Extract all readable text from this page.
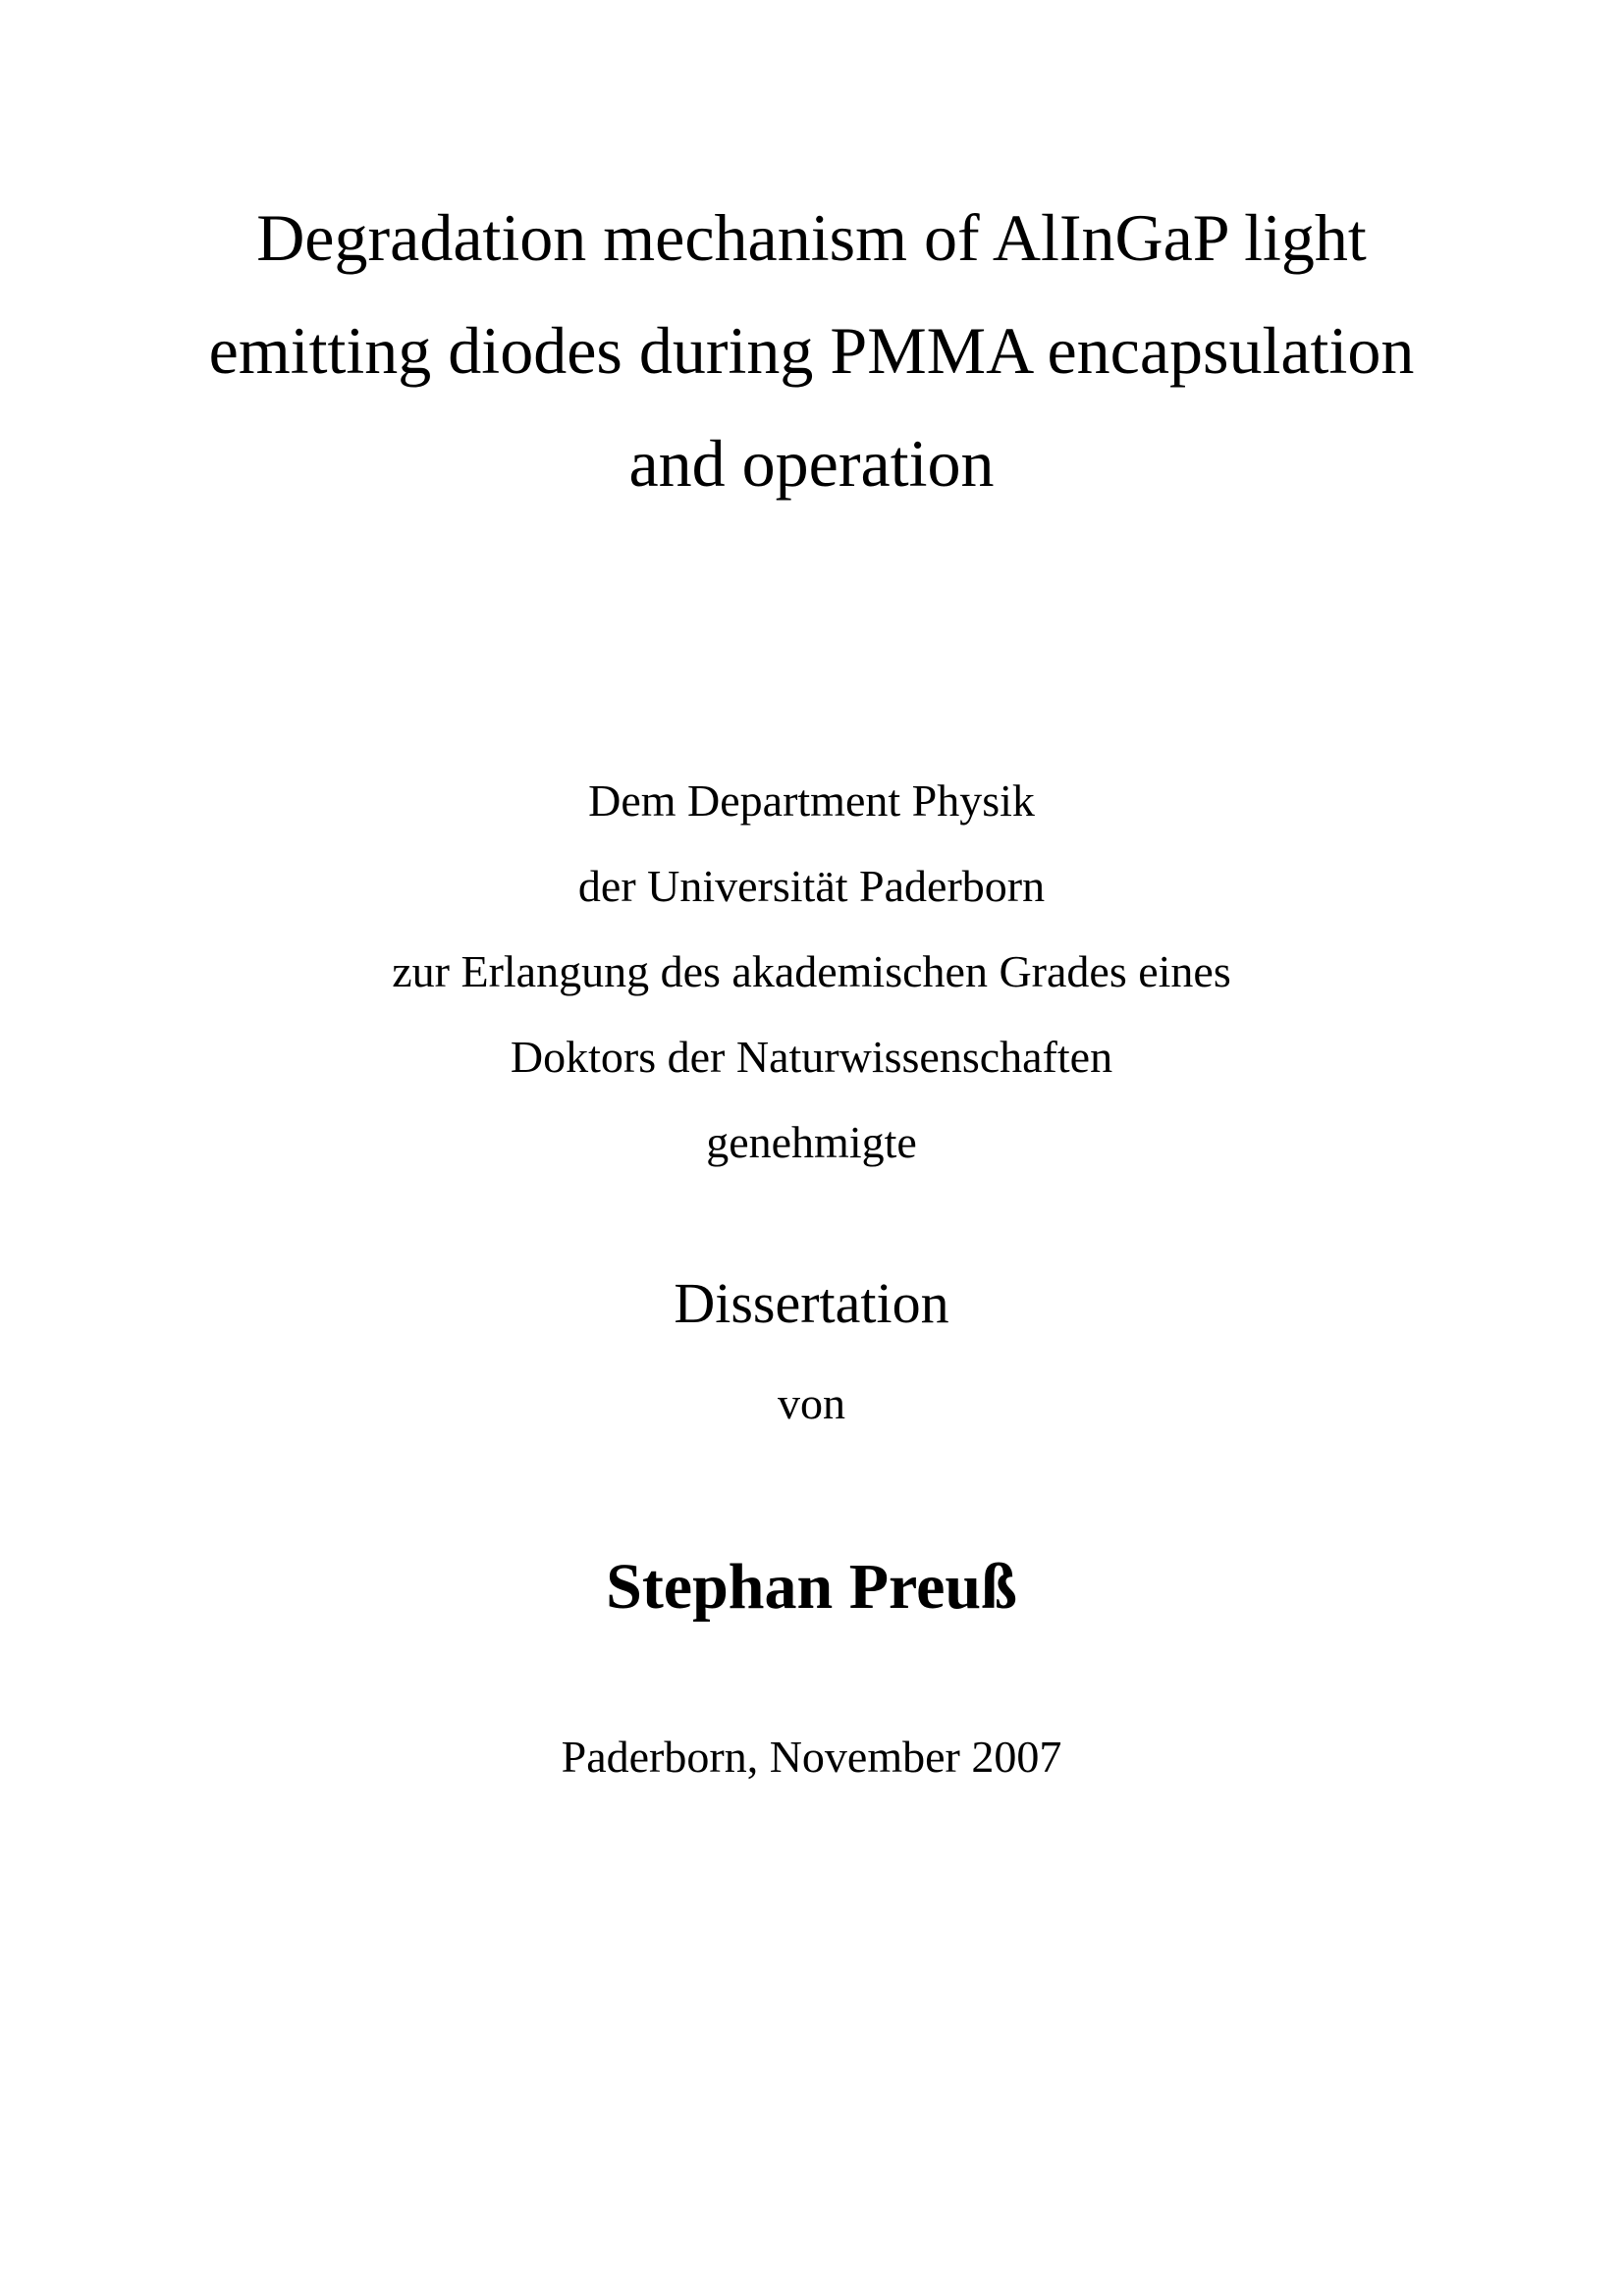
Degradation mechanism of AlInGaP light
emitting diodes during PMMA encapsulation
and operation
Dem Department Physik
der Universität Paderborn
zur Erlangung des akademischen Grades eines
Doktors der Naturwissenschaften
genehmigte
Dissertation
von
Stephan Preuß
Paderborn, November 2007
